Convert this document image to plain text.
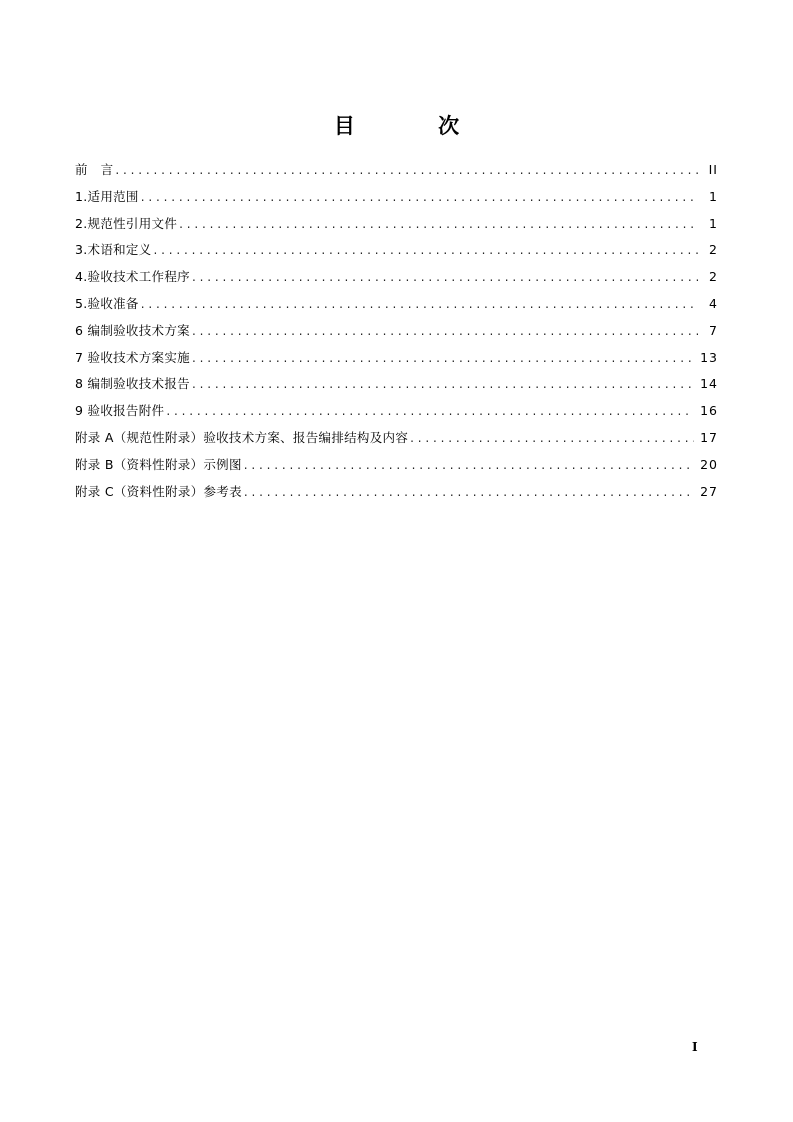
目 次
前　言 . . .	II
1.适用范围 . . .	1
2.规范性引用文件 . . .	1
3.术语和定义 . . .	2
4.验收技术工作程序 . . .	2
5.验收准备 . . .	4
6 编制验收技术方案 . . .	7
7 验收技术方案实施 . . .	13
8 编制验收技术报告 . . .	14
9 验收报告附件 . . .	16
附录 A（规范性附录）验收技术方案、报告编排结构及内容 . . .	17
附录 B（资料性附录）示例图 . . .	20
附录 C（资料性附录）参考表 . . .	27
I
